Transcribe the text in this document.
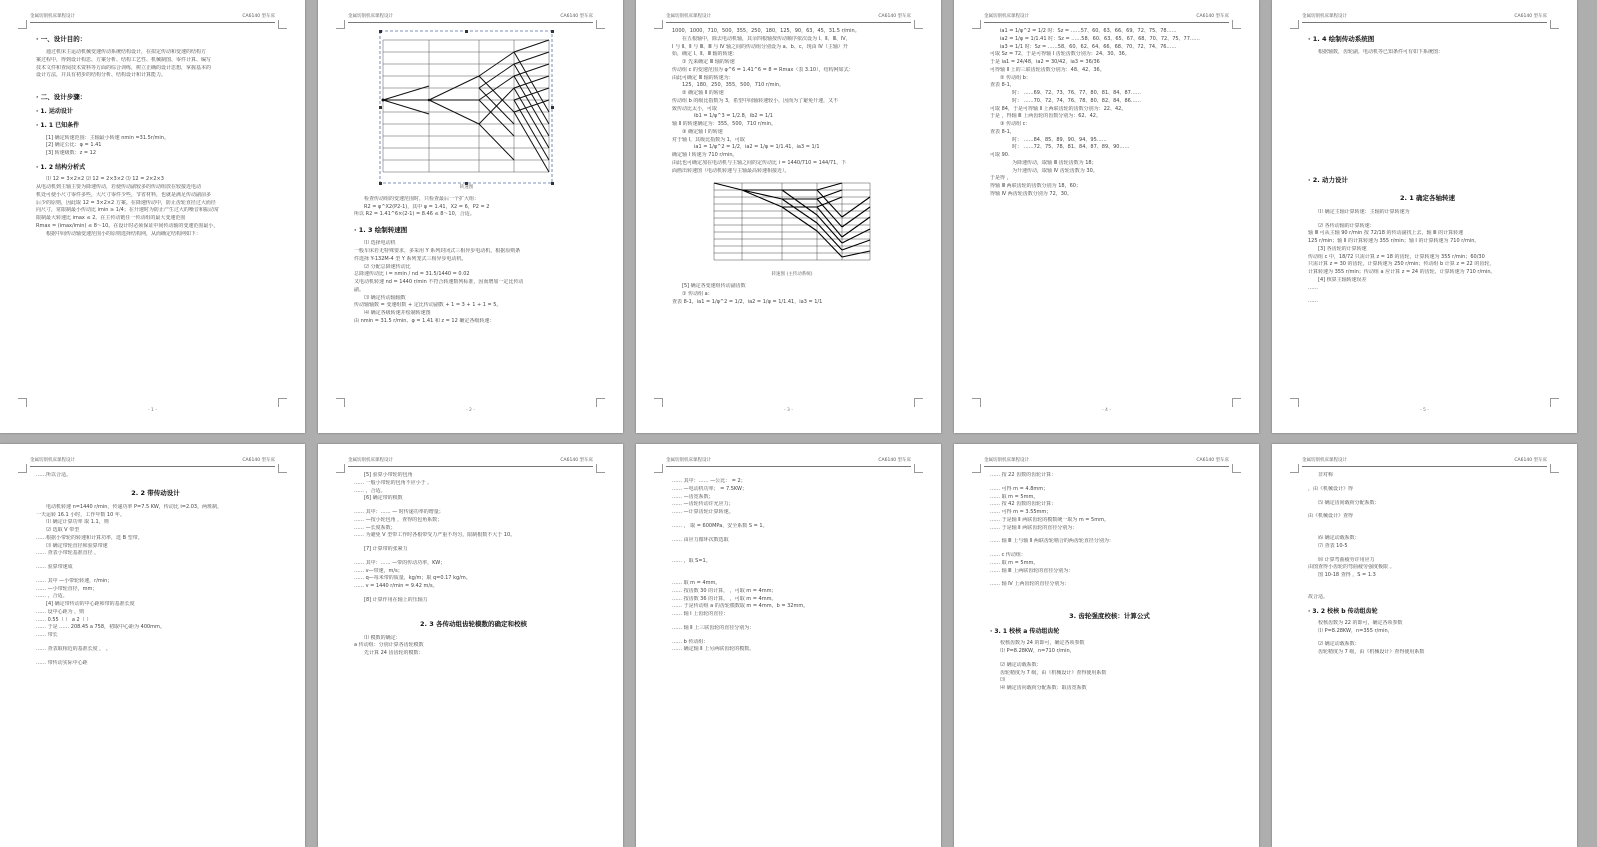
金属切削机床课程设计	CA6140 型车床
· 一、设计目的：
通过机床主运动机械变速传动系统结构设计，在拟定传动和变速的结构方
案过程中，得到设计构思、方案分析、结构工艺性、机械制图、零件计算、编写
技术文件和查阅技术资料等方面的综合训练，树立正确的设计思想，掌握基本的
设计方法，并具有初步的结构分析、结构设计和计算能力。
· 二、设计步骤：
· 1. 运动设计
· 1. 1 已知条件
[1] 确定转速范围：主轴最小转速 nmin =31.5r/min。
[2] 确定公比：φ = 1.41
[3] 转速级数：z = 12
· 1. 2 结构分析式
⑴ 12 = 3×2×2 ⑵ 12 = 2×3×2 ⑶ 12 = 2×2×3
从电动机到主轴主要为降速传动，若使传动副较多的传动组放在较接近电动
机处可使小尺寸零件多些，大尺寸零件少些，节省材料，也就是满足传动副前多
后少的原则，因此取 12 = 3×2×2 方案。在降速传动中，防止齿轮直径过大而径
向尺寸，常限制最小传动比 imin ≥ 1/4；在升速时为防止产生过大的噪音和振动常
限制最大转速比 imax ≤ 2。在主传动链任一传动组的最大变速范围
Rmax = (imax/imin) ≤ 8～10。在设计时必须保证中间传动轴的变速范围最小，
根据中间传动轴变速范围小的原则选择结构网，从而确定结构网如下：
- 1 -
金属切削机床课程设计	CA6140 型车床
转速图
检查传动组的变速范围时，只检查最后一个扩大组：
R2 = φ^X2(P2-1)，其中 φ = 1.41，X2 = 6，P2 = 2
所以 R2 = 1.41^6×(2-1) = 8.46 ≤ 8～10，合适。
· 1. 3 绘制转速图
⑴ 选择电动机
一般车床若无特殊要求，多采用 Y 系列封闭式三相异步电动机，根据原则条
件选择 Y-132M-4 型 Y 系列笼式三相异步电动机。
⑵ 分配总降速传动比
总降速传动比 i = nmin / nd = 31.5/1440 = 0.02
又电动机转速 nd = 1440 r/min 不符合转速数列标准，因而增加一定比传动
副。
⑶ 确定传动轴轴数
传动轴轴数 = 变速组数 + 定比传动副数 + 1 = 3 + 1 + 1 = 5。
⑷ 确定各级转速并绘制转速图
由 nmin = 31.5 r/min、φ = 1.41 和 z = 12 确定各级转速：
- 2 -
金属切削机床课程设计	CA6140 型车床
1000，1000，710，500，355，250，180，125，90，63，45，31.5 r/min。
在五根轴中，除去电动机轴，其余四根轴按传动顺序依次设为 Ⅰ、Ⅱ、Ⅲ、Ⅳ，
Ⅰ 与 Ⅱ、Ⅱ 与 Ⅲ、Ⅲ 与 Ⅳ 轴之间的传动组分别设为 a、b、c，现由 Ⅳ（主轴）开
始，确定 Ⅰ、Ⅱ、Ⅲ 轴的转速：
① 先来确定 Ⅲ 轴的转速
传动组 c 的变速范围为 φ^6 = 1.41^6 = 8 = Rmax（表 3.10），结构网如式：
由此可确定 Ⅲ 轴的转速为：
125，180，250，355，500，710 r/min。
② 确定轴 Ⅱ 的转速
传动组 b 的级比指数为 3，希望中间轴转速较小，因而为了避免升速，又不
致传动比太小，可取
ib1 = 1/φ^3 = 1/2.8，ib2 = 1/1
轴 Ⅱ 的转速确定为：355，500，710 r/min。
③ 确定轴 Ⅰ 的转速
对于轴 Ⅰ，其级比指数为 1，可取
ia1 = 1/φ^2 = 1/2，ia2 = 1/φ = 1/1.41，ia3 = 1/1
确定轴 Ⅰ 转速为 710 r/min。
由此也可确定加在电动机与主轴之间的定传动比 i = 1440/710 = 144/71，下
面画出转速图（电动机转速与主轴最高转速相接近）。
转速图 (主传动系统)
[5] 确定各变速组传动副齿数
① 传动组 a：
查表 8-1，ia1 = 1/φ^2 = 1/2，ia2 = 1/φ = 1/1.41，ia3 = 1/1
- 3 -
金属切削机床课程设计	CA6140 型车床
ia1 = 1/φ^2 = 1/2 时：Sz = ……57、60、63、66、69、72、75、78……
ia2 = 1/φ = 1/1.41 时：Sz = ……58、60、63、65、67、68、70、72、75、77……
ia3 = 1/1 时：Sz = ……58、60、62、64、66、68、70、72、74、76……
可取 Sz = 72，于是可得轴 Ⅰ 齿轮齿数分别为：24、30、36。
于是 ia1 = 24/48，ia2 = 30/42，ia3 = 36/36
可得轴 Ⅱ 上的三联齿轮齿数分别为：48、42、36。
② 传动组 b：
查表 8-1，
时： ……69、72、73、76、77、80、81、84、87……
时： ……70、72、74、76、78、80、82、84、86……
可取 84，于是可得轴 Ⅱ 上两联齿轮的齿数分别为：22、42。
于是 ，得轴 Ⅲ 上两齿轮的齿数分别为：62、42。
③ 传动组 c：
查表 8-1，
时： ……84、85、89、90、94、95……
时： ……72、75、78、81、84、87、89、90……
可取 90.
为降速传动，取轴 Ⅲ 齿轮齿数为 18；
为升速传动，取轴 Ⅳ 齿轮齿数为 30。
于是得 ，
得轴 Ⅲ 两联齿轮的齿数分别为 18，60；
得轴 Ⅳ 两齿轮齿数分别为 72，30。
- 4 -
金属切削机床课程设计	CA6140 型车床
· 1. 4 绘制传动系统图
根据轴数，齿轮副，电动机等已知条件可有如下系统图：
· 2. 动力设计
2. 1 确定各轴转速
⑴ 确定主轴计算转速：主轴的计算转速为
⑵ 各传动轴的计算转速：
轴 Ⅲ 可从主轴 90 r/min 按 72/18 的传动副找上去，轴 Ⅲ 的计算转速
125 r/min；轴 Ⅱ 的计算转速为 355 r/min；轴 Ⅰ 的计算转速为 710 r/min。
[3] 各齿轮的计算转速
传动组 c 中，18/72 只需计算 z = 18 的齿轮，计算转速为 355 r/min；60/30
只需计算 z = 30 的齿轮，计算转速为 250 r/min；传动组 b 计算 z = 22 的齿轮，
计算转速为 355 r/min；传动组 a 应计算 z = 24 的齿轮，计算转速为 710 r/min。
[4] 核算主轴转速误差
……
……
- 5 -
金属切削机床课程设计	CA6140 型车床
……所以合适。
2. 2 带传动设计
电动机转速 n=1440 r/min，传递功率 P=7.5 KW，传动比 i=2.03，两班制，
一天运转 16.1 小时，工作年数 10 年。
⑴ 确定计算功率 取 1.1，则
⑵ 选取 V 带型
……根据小带轮的转速和计算功率，选 B 型带。
⑶ 确定带轮直径和验算带速
…… 查表小带轮基准直径 ，
…… 验算带速成
…… 其中 —小带轮转速，r/min；
…… —小带轮直径，mm；
…… ，合适。
[4] 确定带传动的中心距和带的基准长度
…… 设中心距为 ，则
…… 0.55（ ） a 2（ ）
…… 于是 …… 208.45 a 758，初取中心距为 400mm。
…… 带长
…… 查表取相近的基准长度 ， 。
…… 带传动实际中心距
金属切削机床课程设计	CA6140 型车床
[5] 验算小带轮的包角
…… 一般小带轮的包角不应小于 。
…… ，合适。
[6] 确定带的根数
…… 其中：…… — 时传递功率的增量；
…… —按小轮包角 ，查得的包角系数；
…… —长度系数；
…… 为避免 V 型带工作时各根带受力严重不均匀，限制根数不大于 10。
[7] 计算带的张紧力
…… 其中：…… —带的传动功率，KW；
…… v—带速，m/s；
…… q—每米带的质量，kg/m；取 q=0.17 kg/m。
…… v = 1440 r/min = 9.42 m/s。
[8] 计算作用在轴上的压轴力
2. 3 各传动组齿轮模数的确定和校核
⑴ 模数的确定：
a 传动组：分别计算各齿轮模数
先计算 24 齿齿轮的模数：
金属切削机床课程设计	CA6140 型车床
…… 其中：…… —公比： = 2；
…… —电动机功率； = 7.5KW；
…… —齿宽系数；
…… —齿轮传动许允应力；
…… —计算齿轮计算转速。
…… ， 取 = 600MPa，安全系数 S = 1。
…… 由应力循环次数选取
…… ，取 S=1。
…… 取 m = 4mm。
…… 按齿数 30 的计算， ，可取 m = 4mm；
…… 按齿数 36 的计算， ，可取 m = 4mm。
…… 于是传动组 a 的齿轮模数取 m = 4mm，b = 32mm。
…… 轴 Ⅰ 上齿轮的直径：
…… 轴 Ⅱ 上三联齿轮的直径分别为：
…… b 传动组：
…… 确定轴 Ⅱ 上另两联齿轮的模数。
金属切削机床课程设计	CA6140 型车床
…… 按 22 齿数的齿轮计算：
…… 可得 m = 4.8mm；
…… 取 m = 5mm。
…… 按 42 齿数的齿轮计算：
…… 可得 m = 3.55mm；
…… 于是轴 Ⅱ 两联齿轮的模数统一取为 m = 5mm。
…… 于是轴 Ⅱ 两联齿轮的直径分别为：
…… 轴 Ⅲ 上与轴 Ⅱ 两联齿轮啮合的两齿轮直径分别为：
…… c 传动组：
…… 取 m = 5mm。
…… 轴 Ⅲ 上两联齿轮的直径分别为：
…… 轴 Ⅳ 上两齿轮的直径分别为：
3. 齿轮强度校核：计算公式
· 3. 1 校核 a 传动组齿轮
校核齿数为 24 的即可，确定各项参数
⑴ P=8.28KW，n=710 r/min，
⑵ 确定动载系数：
齿轮精度为 7 级，由《机械设计》查得使用系数
⑶
⑷ 确定齿向载荷分配系数：取齿宽系数
金属切削机床课程设计	CA6140 型车床
非对称
，由《机械设计》得
⑸ 确定齿间载荷分配系数：
由《机械设计》查得
⑹ 确定动载系数：
⑺ 查表 10-5
⑻ 计算弯曲疲劳许用应力
由图查得小齿轮的弯曲疲劳强度极限 。
图 10-18 查得 ，S = 1.3
故合适。
· 3. 2 校核 b 传动组齿轮
校核齿数为 22 的即可，确定各项参数
⑴ P=8.28KW，n=355 r/min，
⑵ 确定动载系数：
齿轮精度为 7 级，由《机械设计》查得使用系数
